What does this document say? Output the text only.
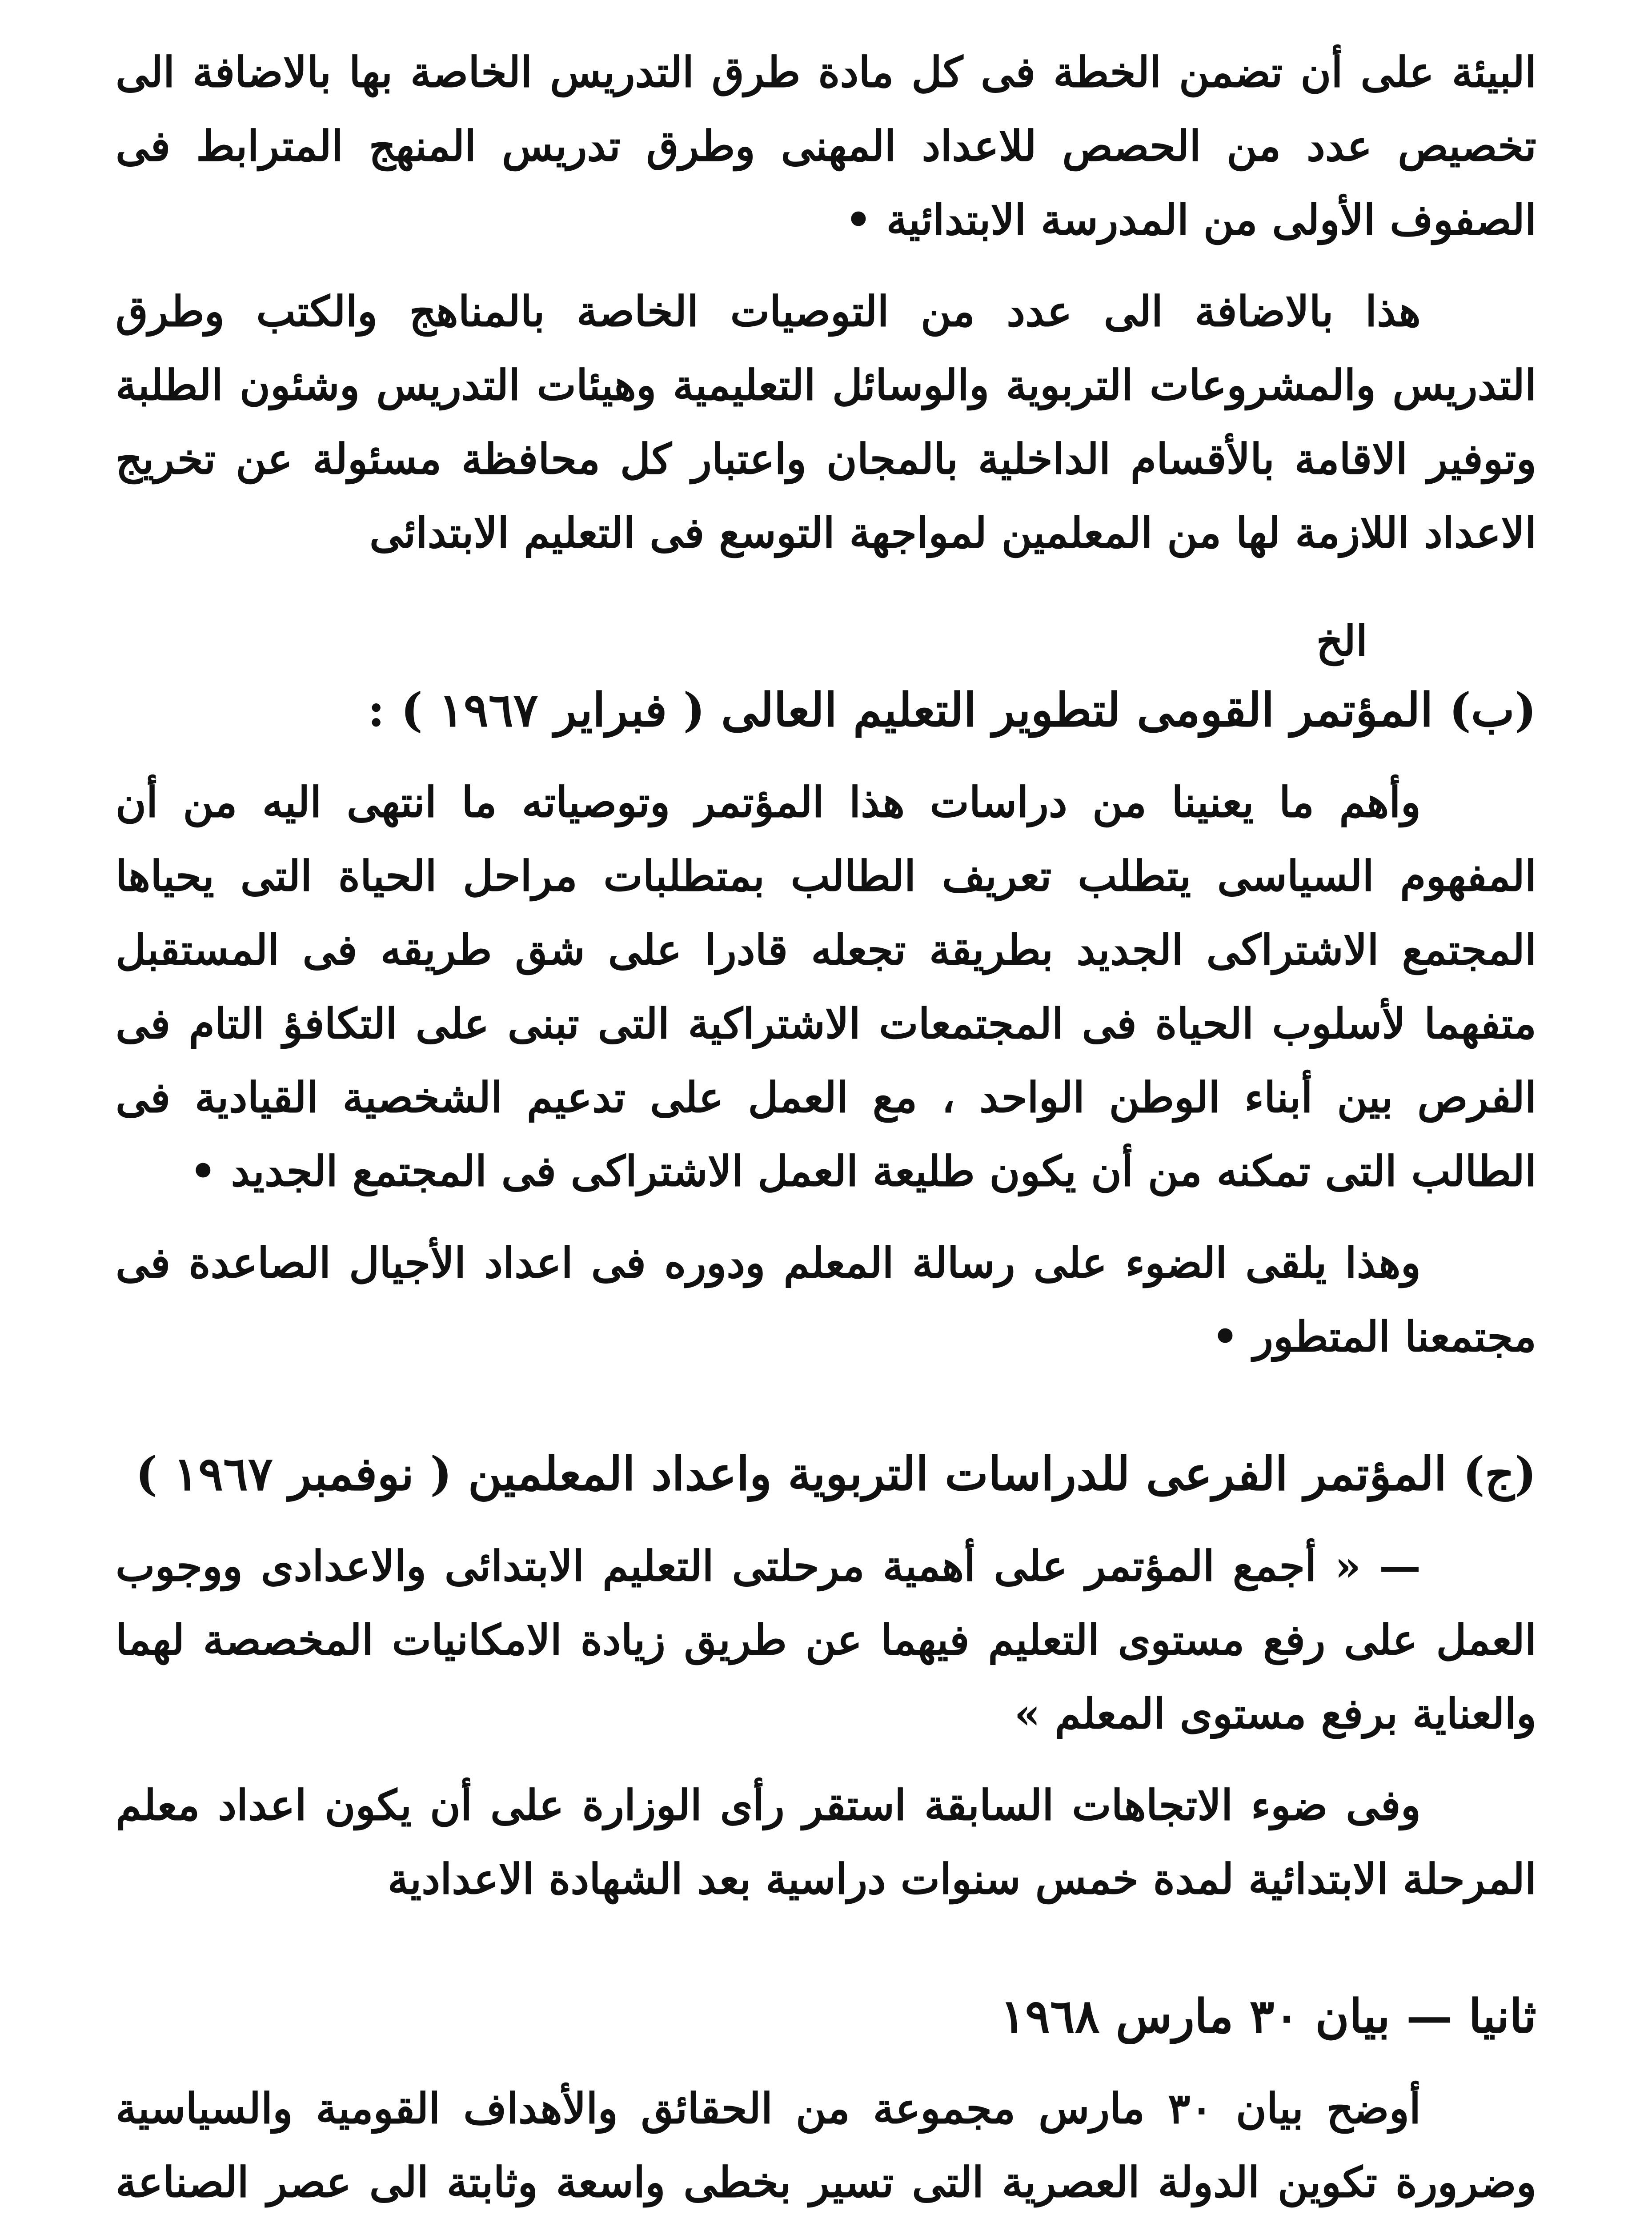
البيئة على أن تضمن الخطة فى كل مادة طرق التدريس الخاصة بها بالاضافة الى تخصيص عدد من الحصص للاعداد المهنى وطرق تدريس المنهج المترابط فى الصفوف الأولى من المدرسة الابتدائية •

هذا بالاضافة الى عدد من التوصيات الخاصة بالمناهج والكتب وطرق التدريس والمشروعات التربوية والوسائل التعليمية وهيئات التدريس وشئون الطلبة وتوفير الاقامة بالأقسام الداخلية بالمجان واعتبار كل محافظة مسئولة عن تخريج الاعداد اللازمة لها من المعلمين لمواجهة التوسع فى التعليم الابتدائى

الخ

(ب) المؤتمر القومى لتطوير التعليم العالى ( فبراير ١٩٦٧ ) :

وأهم ما يعنينا من دراسات هذا المؤتمر وتوصياته ما انتهى اليه من أن المفهوم السياسى يتطلب تعريف الطالب بمتطلبات مراحل الحياة التى يحياها المجتمع الاشتراكى الجديد بطريقة تجعله قادرا على شق طريقه فى المستقبل متفهما لأسلوب الحياة فى المجتمعات الاشتراكية التى تبنى على التكافؤ التام فى الفرص بين أبناء الوطن الواحد ، مع العمل على تدعيم الشخصية القيادية فى الطالب التى تمكنه من أن يكون طليعة العمل الاشتراكى فى المجتمع الجديد •

وهذا يلقى الضوء على رسالة المعلم ودوره فى اعداد الأجيال الصاعدة فى مجتمعنا المتطور •

(ج) المؤتمر الفرعى للدراسات التربوية واعداد المعلمين ( نوفمبر ١٩٦٧ )

— « أجمع المؤتمر على أهمية مرحلتى التعليم الابتدائى والاعدادى ووجوب العمل على رفع مستوى التعليم فيهما عن طريق زيادة الامكانيات المخصصة لهما والعناية برفع مستوى المعلم »

وفى ضوء الاتجاهات السابقة استقر رأى الوزارة على أن يكون اعداد معلم المرحلة الابتدائية لمدة خمس سنوات دراسية بعد الشهادة الاعدادية

ثانيا — بيان ٣٠ مارس ١٩٦٨

أوضح بيان ٣٠ مارس مجموعة من الحقائق والأهداف القومية والسياسية وضرورة تكوين الدولة العصرية التى تسير بخطى واسعة وثابتة الى عصر الصناعة
